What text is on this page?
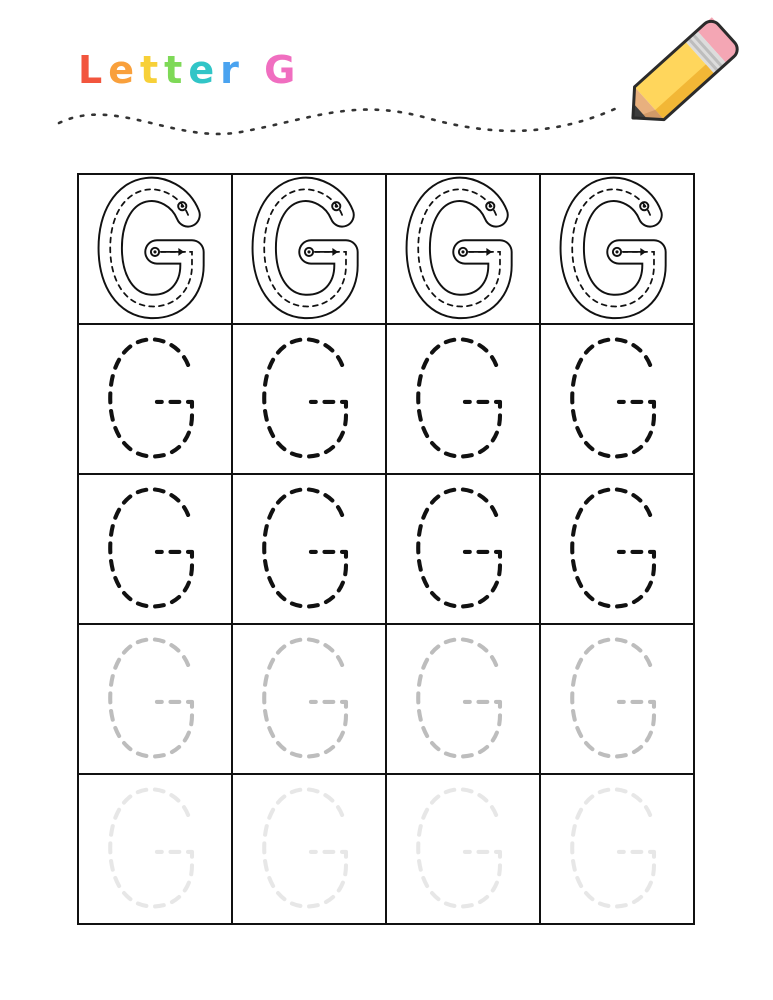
Letter G
